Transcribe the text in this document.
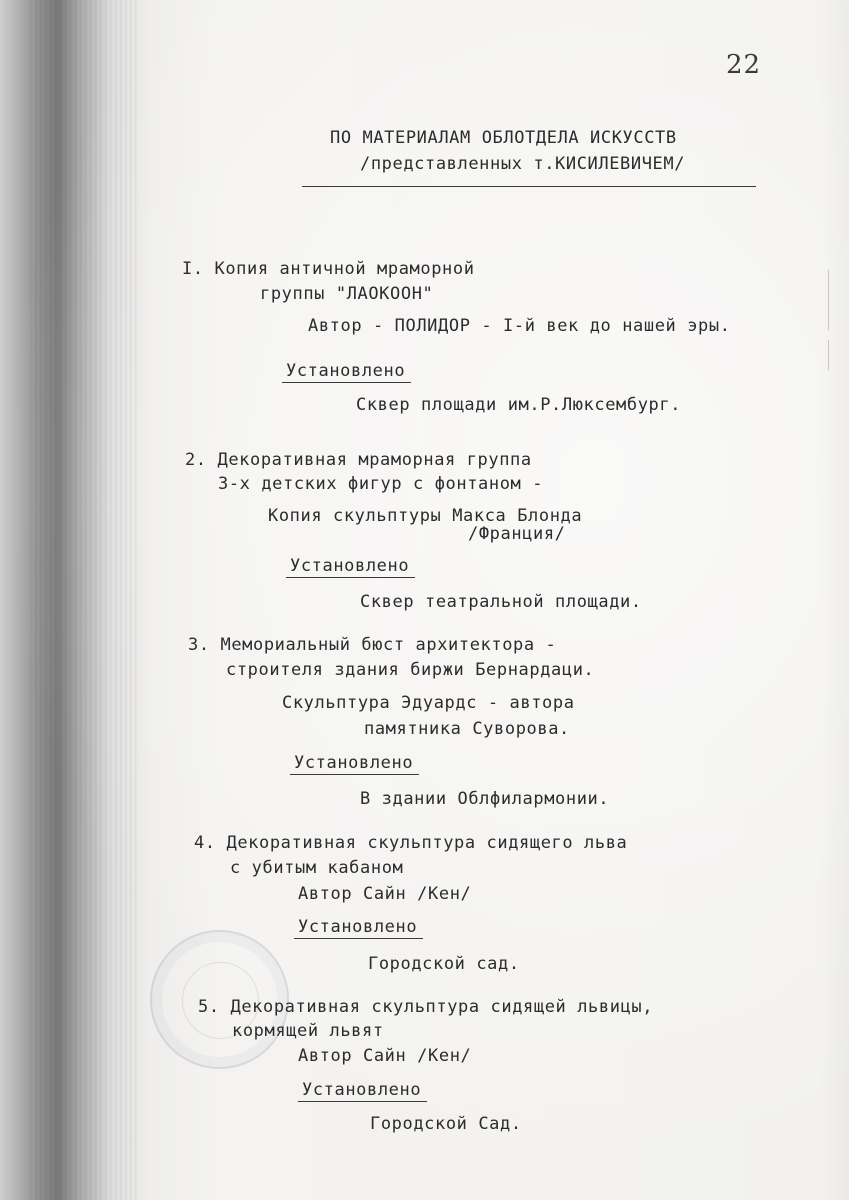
22
ПО МАТЕРИАЛАМ ОБЛОТДЕЛА ИСКУССТВ
/представленных т.КИСИЛЕВИЧЕМ/
I. Копия античной мраморной
группы "ЛАОКООН"
Автор - ПОЛИДОР - I-й век до нашей эры.
Установлено
Сквер площади им.Р.Люксембург.
2. Декоративная мраморная группа
3-х детских фигур с фонтаном -
Копия скульптуры Макса Блонда
/Франция/
Установлено
Сквер театральной площади.
3. Мемориальный бюст архитектора -
строителя здания биржи Бернардаци.
Скульптура Эдуардс - автора
памятника Суворова.
Установлено
В здании Облфилармонии.
4. Декоративная скульптура сидящего льва
с убитым кабаном
Автор Сайн /Кен/
Установлено
Городской сад.
5. Декоративная скульптура сидящей львицы,
кормящей львят
Автор Сайн /Кен/
Установлено
Городской Сад.
